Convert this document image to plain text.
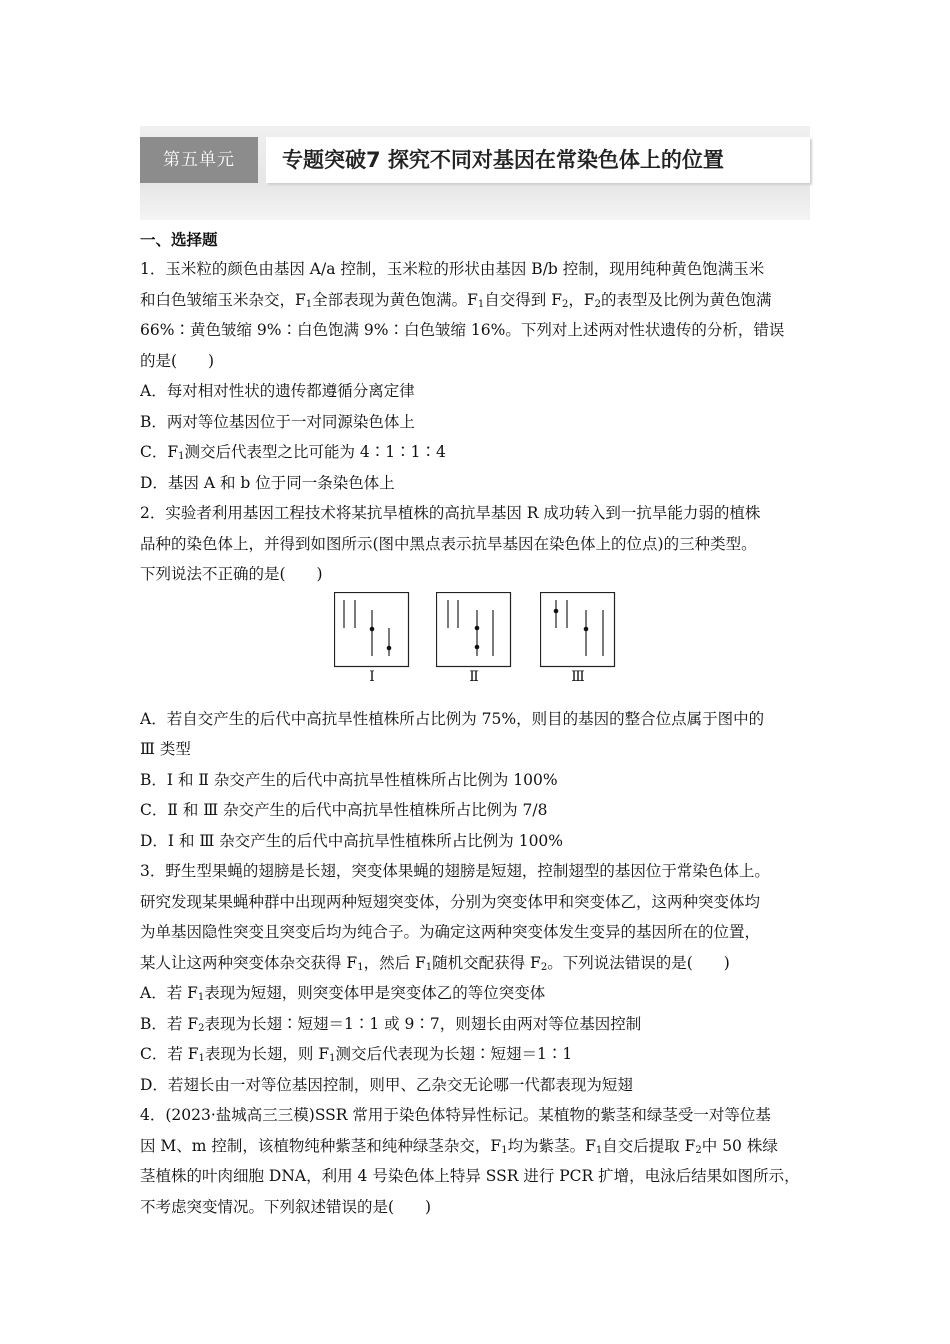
第五单元	专题突破7 探究不同对基因在常染色体上的位置
一、选择题

1．玉米粒的颜色由基因 A/a 控制，玉米粒的形状由基因 B/b 控制，现用纯种黄色饱满玉米

和白色皱缩玉米杂交，$F_1$全部表现为黄色饱满。$F_1$自交得到 $F_2$，$F_2$的表型及比例为黄色饱满

66%∶黄色皱缩 9%∶白色饱满 9%∶白色皱缩 16%。下列对上述两对性状遗传的分析，错误

的是(　　)

A．每对相对性状的遗传都遵循分离定律
B．两对等位基因位于一对同源染色体上
C．$F_1$测交后代表型之比可能为 4∶1∶1∶4
D．基因 A 和 b 位于同一条染色体上

2．实验者利用基因工程技术将某抗旱植株的高抗旱基因 R 成功转入到一抗旱能力弱的植株

品种的染色体上，并得到如图所示(图中黑点表示抗旱基因在染色体上的位点)的三种类型。

下列说法不正确的是(　　)

Ⅰ	Ⅱ	Ⅲ

A．若自交产生的后代中高抗旱性植株所占比例为 75%，则目的基因的整合位点属于图中的

Ⅲ 类型

B．Ⅰ 和 Ⅱ 杂交产生的后代中高抗旱性植株所占比例为 100%
C．Ⅱ 和 Ⅲ 杂交产生的后代中高抗旱性植株所占比例为 7/8
D．Ⅰ 和 Ⅲ 杂交产生的后代中高抗旱性植株所占比例为 100%

3．野生型果蝇的翅膀是长翅，突变体果蝇的翅膀是短翅，控制翅型的基因位于常染色体上。

研究发现某果蝇种群中出现两种短翅突变体，分别为突变体甲和突变体乙，这两种突变体均

为单基因隐性突变且突变后均为纯合子。为确定这两种突变体发生变异的基因所在的位置，

某人让这两种突变体杂交获得 $F_1$，然后 $F_1$随机交配获得 $F_2$。下列说法错误的是(　　)

A．若 $F_1$表现为短翅，则突变体甲是突变体乙的等位突变体
B．若 $F_2$表现为长翅∶短翅＝1∶1 或 9∶7，则翅长由两对等位基因控制
C．若 $F_1$表现为长翅，则 $F_1$测交后代表现为长翅∶短翅＝1∶1
D．若翅长由一对等位基因控制，则甲、乙杂交无论哪一代都表现为短翅

4．(2023·盐城高三三模)SSR 常用于染色体特异性标记。某植物的紫茎和绿茎受一对等位基

因 M、m 控制，该植物纯种紫茎和纯种绿茎杂交，$F_1$均为紫茎。$F_1$自交后提取 $F_2$中 50 株绿

茎植株的叶肉细胞 DNA，利用 4 号染色体上特异 SSR 进行 PCR 扩增，电泳后结果如图所示，

不考虑突变情况。下列叙述错误的是(　　)
